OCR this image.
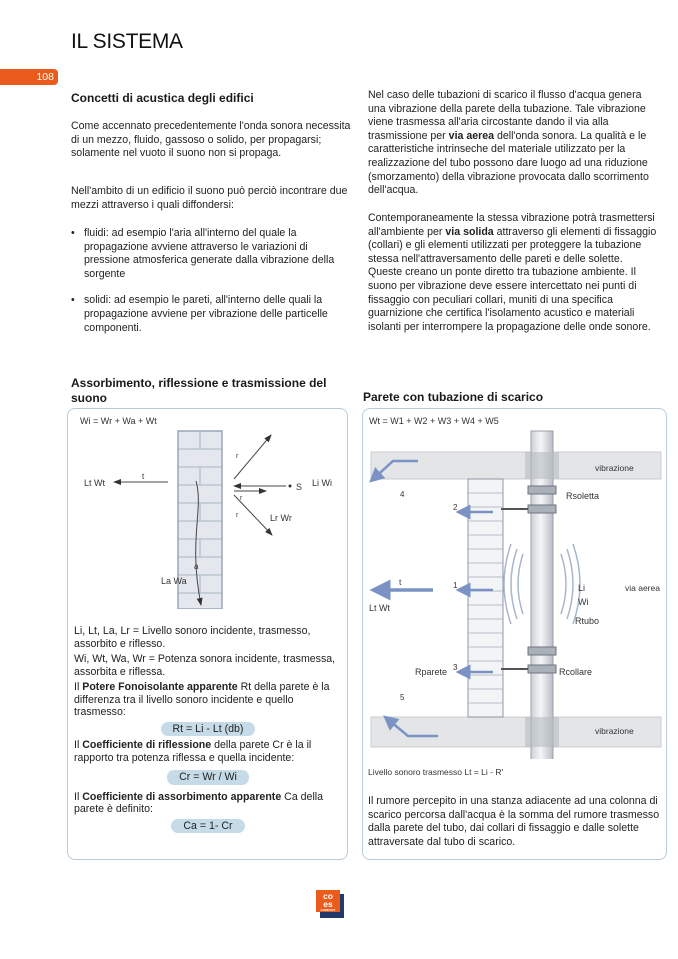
IL SISTEMA
108
Concetti di acustica degli edifici
Come accennato precedentemente l'onda sonora necessita di un mezzo, fluido, gassoso o solido, per propagarsi; solamente nel vuoto il suono non si propaga.
Nell'ambito di un edificio il suono può perciò incontrare due mezzi attraverso i quali diffondersi:
• fluidi: ad esempio l'aria all'interno del quale la propagazione avviene attraverso le variazioni di pressione atmosferica generate dalla vibrazione della sorgente
• solidi: ad esempio le pareti, all'interno delle quali la propagazione avviene per vibrazione delle particelle componenti.
Nel caso delle tubazioni di scarico il flusso d'acqua genera una vibrazione della parete della tubazione. Tale vibrazione viene trasmessa all'aria circostante dando il via alla trasmissione per via aerea dell'onda sonora. La qualità e le caratteristiche intrinseche del materiale utilizzato per la realizzazione del tubo possono dare luogo ad una riduzione (smorzamento) della vibrazione provocata dallo scorrimento dell'acqua.
Contemporaneamente la stessa vibrazione potrà trasmettersi all'ambiente per via solida attraverso gli elementi di fissaggio (collari) e gli elementi utilizzati per proteggere la tubazione stessa nell'attraversamento delle pareti e delle solette.
Queste creano un ponte diretto tra tubazione ambiente. Il suono per vibrazione deve essere intercettato nei punti di fissaggio con peculiari collari, muniti di una specifica guarnizione che certifica l'isolamento acustico e materiali isolanti per interrompere la propagazione delle onde sonore.
Assorbimento, riflessione e trasmissione del suono
Wi = Wr + Wa + Wt
t
Lt Wt	S Li Wi
r
r
r	Lr Wr
a
La Wa
Li, Lt, La, Lr = Livello sonoro incidente, trasmesso, assorbito e riflesso.
Wi, Wt, Wa, Wr = Potenza sonora incidente, trasmessa, assorbita e riflessa.
Il Potere Fonoisolante apparente Rt della parete è la differenza tra il livello sonoro incidente e quello trasmesso:
Rt = Li - Lt (db)
Il Coefficiente di riflessione della parete Cr è la il rapporto tra potenza riflessa e quella incidente:
Cr = Wr / Wi
Il Coefficiente di assorbimento apparente Ca della parete è definito:
Ca = 1- Cr
Parete con tubazione di scarico
Wt = W1 + W2 + W3 + W4 + W5
vibrazione
vibrazione
4
2
1
3
5
t
Lt Wt
Rsoletta
Li
Wi
Rtubo
via aerea
Rcollare
Rparete
Livello sonoro trasmesso Lt = Li - R'
Il rumore percepito in una stanza adiacente ad una colonna di scarico percorsa dall'acqua è la somma del rumore trasmesso dalla parete del tubo, dai collari di fissaggio e dalle solette attraversate dal tubo di scarico.
co
es
COMPANY
